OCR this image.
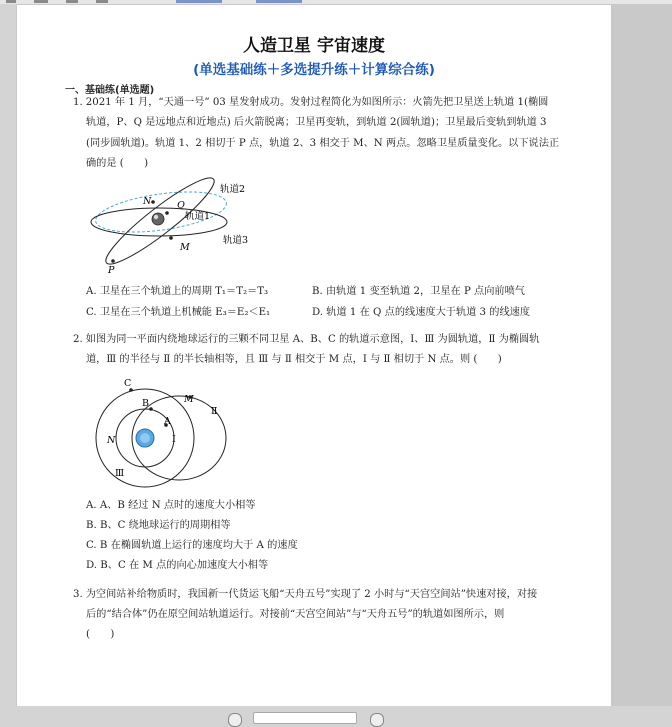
人造卫星 宇宙速度
(单选基础练＋多选提升练＋计算综合练)
一、基础练(单选题)
1. 2021 年 1 月，“天通一号” 03 星发射成功。发射过程简化为如图所示：火箭先把卫星送上轨道 1(椭圆
轨道，P、Q 是远地点和近地点) 后火箭脱离；卫星再变轨，到轨道 2(圆轨道)；卫星最后变轨到轨道 3
(同步圆轨道)。轨道 1、2 相切于 P 点，轨道 2、3 相交于 M、N 两点。忽略卫星质量变化。以下说法正
确的是 (　　)
轨道2
轨道1
轨道3
N	Q
M
P
A. 卫星在三个轨道上的周期 T₁＝T₂＝T₃	B. 由轨道 1 变至轨道 2，卫星在 P 点向前喷气
C. 卫星在三个轨道上机械能 E₃＝E₂＜E₁	D. 轨道 1 在 Q 点的线速度大于轨道 3 的线速度
2. 如图为同一平面内绕地球运行的三颗不同卫星 A、B、C 的轨道示意图，Ⅰ、Ⅲ 为圆轨道，Ⅱ 为椭圆轨
道，Ⅲ 的半径与 Ⅱ 的半长轴相等，且 Ⅲ 与 Ⅱ 相交于 M 点，Ⅰ 与 Ⅱ 相切于 N 点。则 (　　)
C
B	M
Ⅱ
A
N	Ⅰ
Ⅲ
A. A、B 经过 N 点时的速度大小相等
B. B、C 绕地球运行的周期相等
C. B 在椭圆轨道上运行的速度均大于 A 的速度
D. B、C 在 M 点的向心加速度大小相等
3. 为空间站补给物质时，我国新一代货运飞船“天舟五号”实现了 2 小时与“天宫空间站”快速对接，对接
后的“结合体”仍在原空间站轨道运行。对接前“天宫空间站”与“天舟五号”的轨道如图所示，则
(　　)
